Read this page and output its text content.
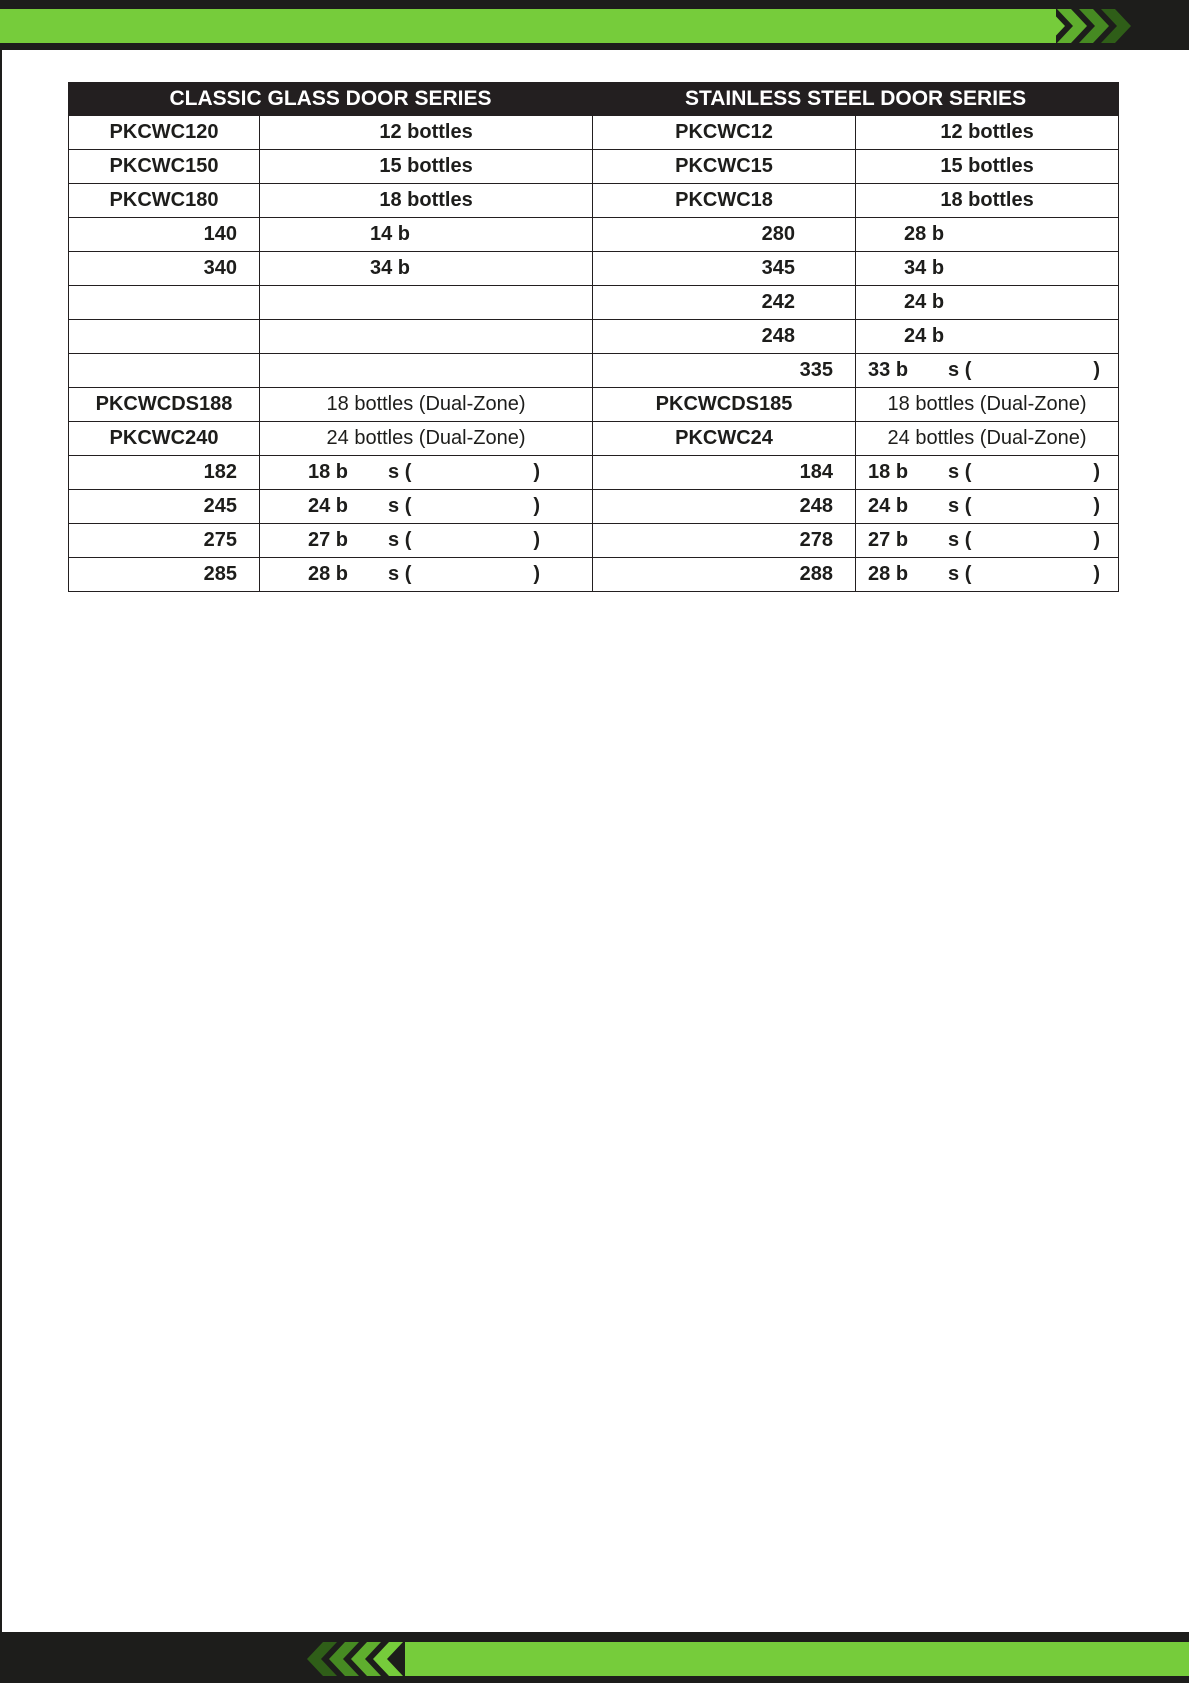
CLASSIC GLASS DOOR SERIES		STAINLESS STEEL DOOR SERIES	
PKCWC120	12 bottles	PKCWC12	12 bottles
PKCWC150	15 bottles	PKCWC15	15 bottles
PKCWC180	18 bottles	PKCWC18	18 bottles
140	14 b	280	28 b
340	34 b	345	34 b
		242	24 b
		248	24 b
		335	33 b s ( )

PKCWCDS188	18 bottles (Dual-Zone)	PKCWCDS185	18 bottles (Dual-Zone)
PKCWC240	24 bottles (Dual-Zone)	PKCWC24	24 bottles (Dual-Zone)
182	18 b s ( )	184	18 b s ( )

245	24 b s ( )	248	24 b s ( )

275	27 b s ( )	278	27 b s ( )

285	28 b s ( )	288	28 b s ( )
